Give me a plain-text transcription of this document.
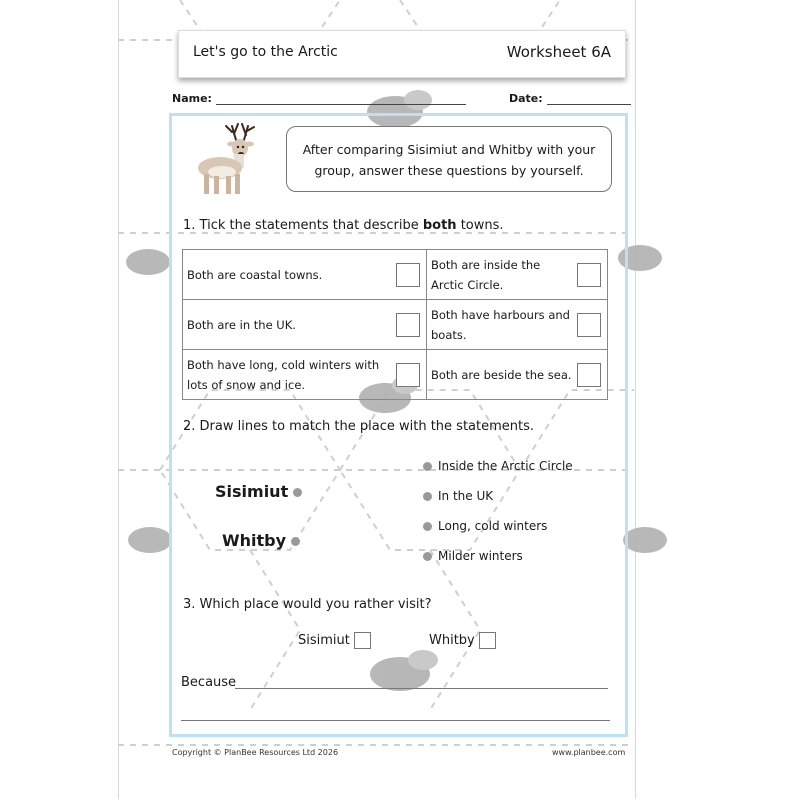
Let's go to the Arctic	Worksheet 6A
Name:	Date:
After comparing Sisimiut and Whitby with your
group, answer these questions by yourself.
1. Tick the statements that describe both towns.
Both are coastal towns.	Both are inside the Arctic Circle.

Both are in the UK.	Both have harbours and boats.

Both have long, cold winters with lots of snow and ice.	Both are beside the sea.
2. Draw lines to match the place with the statements.
Sisimiut
Whitby
Inside the Arctic Circle
In the UK
Long, cold winters
Milder winters
3. Which place would you rather visit?
Sisimiut	Whitby
Because
Copyright © PlanBee Resources Ltd 2026	www.planbee.com
